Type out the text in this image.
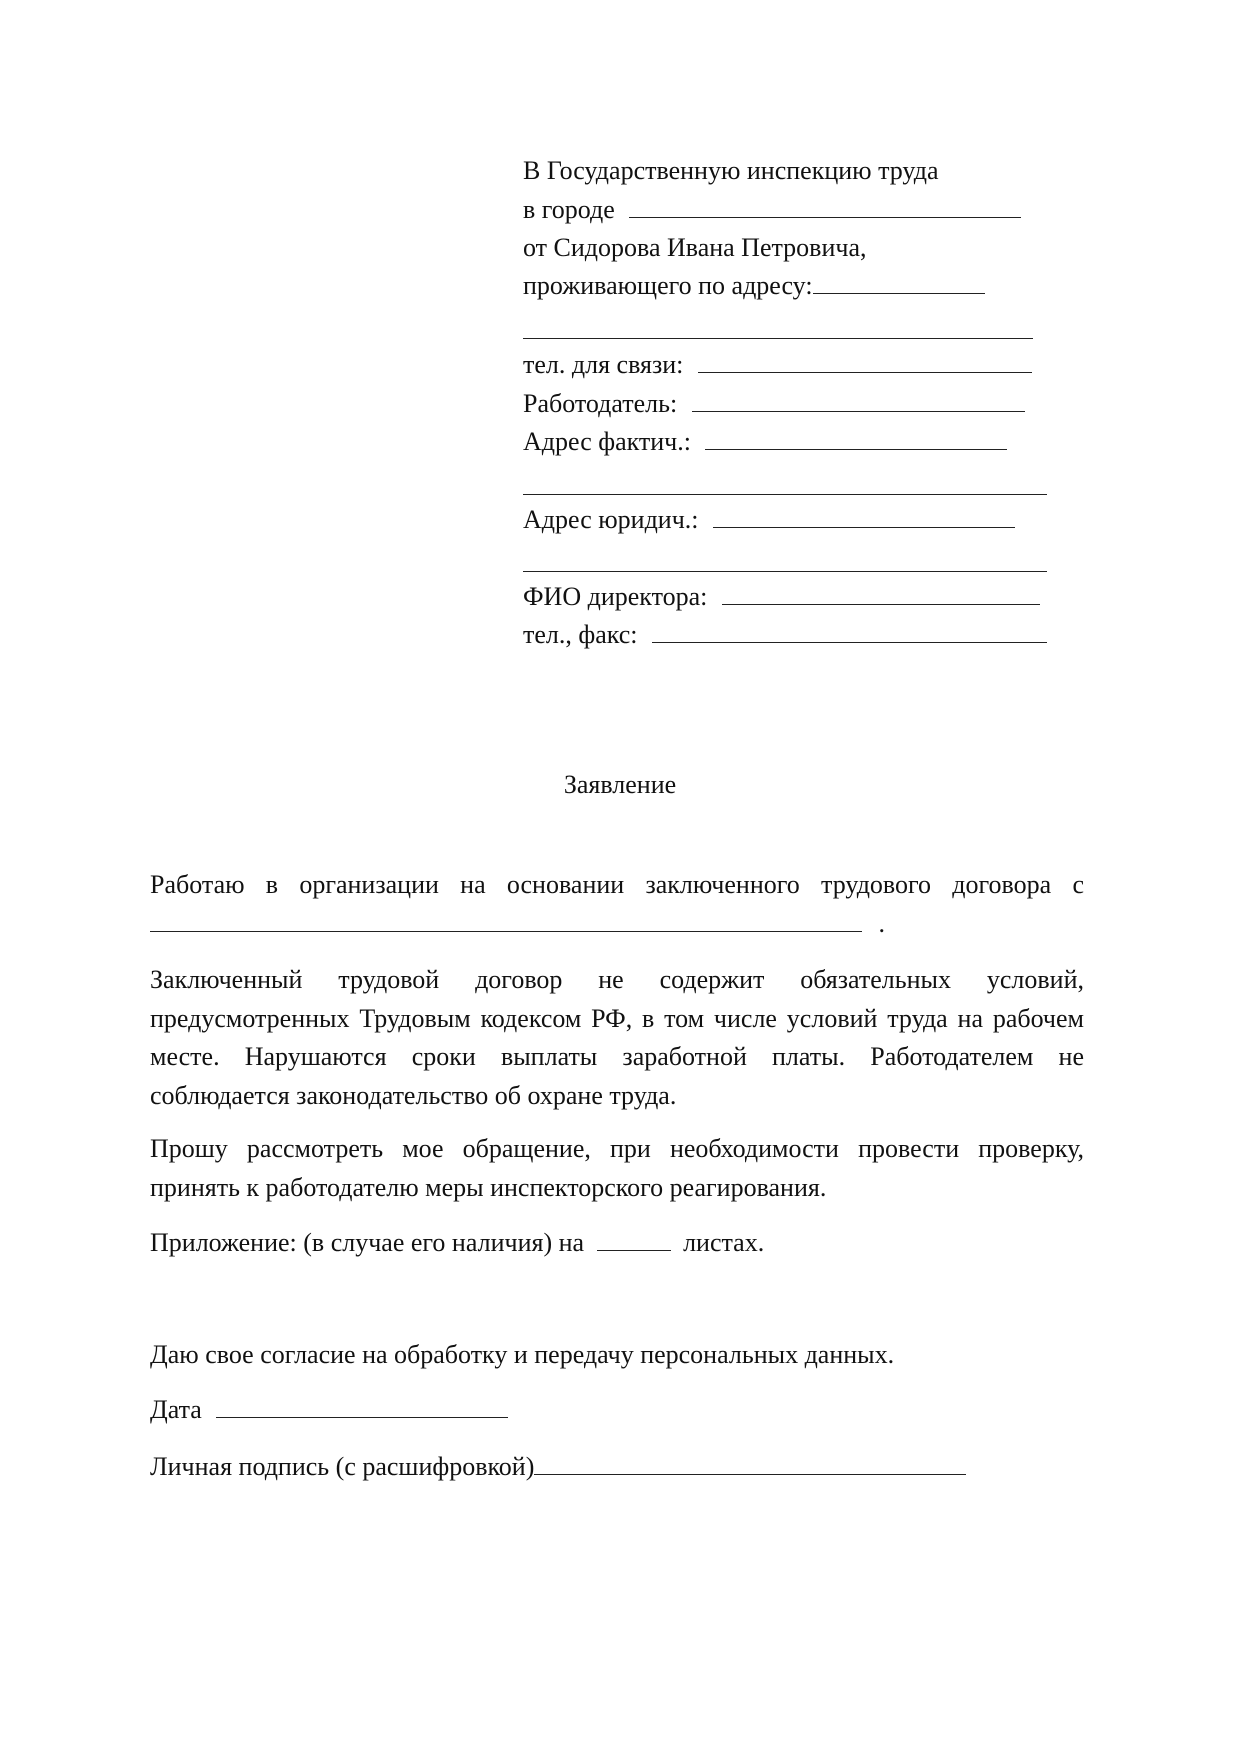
В Государственную инспекцию труда
в городе
от Сидорова Ивана Петровича,
проживающего по адресу:
тел. для связи:
Работодатель:
Адрес фактич.:
Адрес юридич.:
ФИО директора:
тел., факс:
Заявление
Работаю в организации на основании заключенного трудового договора с
.
Заключенный трудовой договор не содержит обязательных условий, предусмотренных Трудовым кодексом РФ, в том числе условий труда на рабочем месте. Нарушаются сроки выплаты заработной платы. Работодателем не соблюдается законодательство об охране труда.
Прошу рассмотреть мое обращение, при необходимости провести проверку, принять к работодателю меры инспекторского реагирования.
Приложение: (в случае его наличия) на	листах.
Даю свое согласие на обработку и передачу персональных данных.
Дата
Личная подпись (с расшифровкой)
